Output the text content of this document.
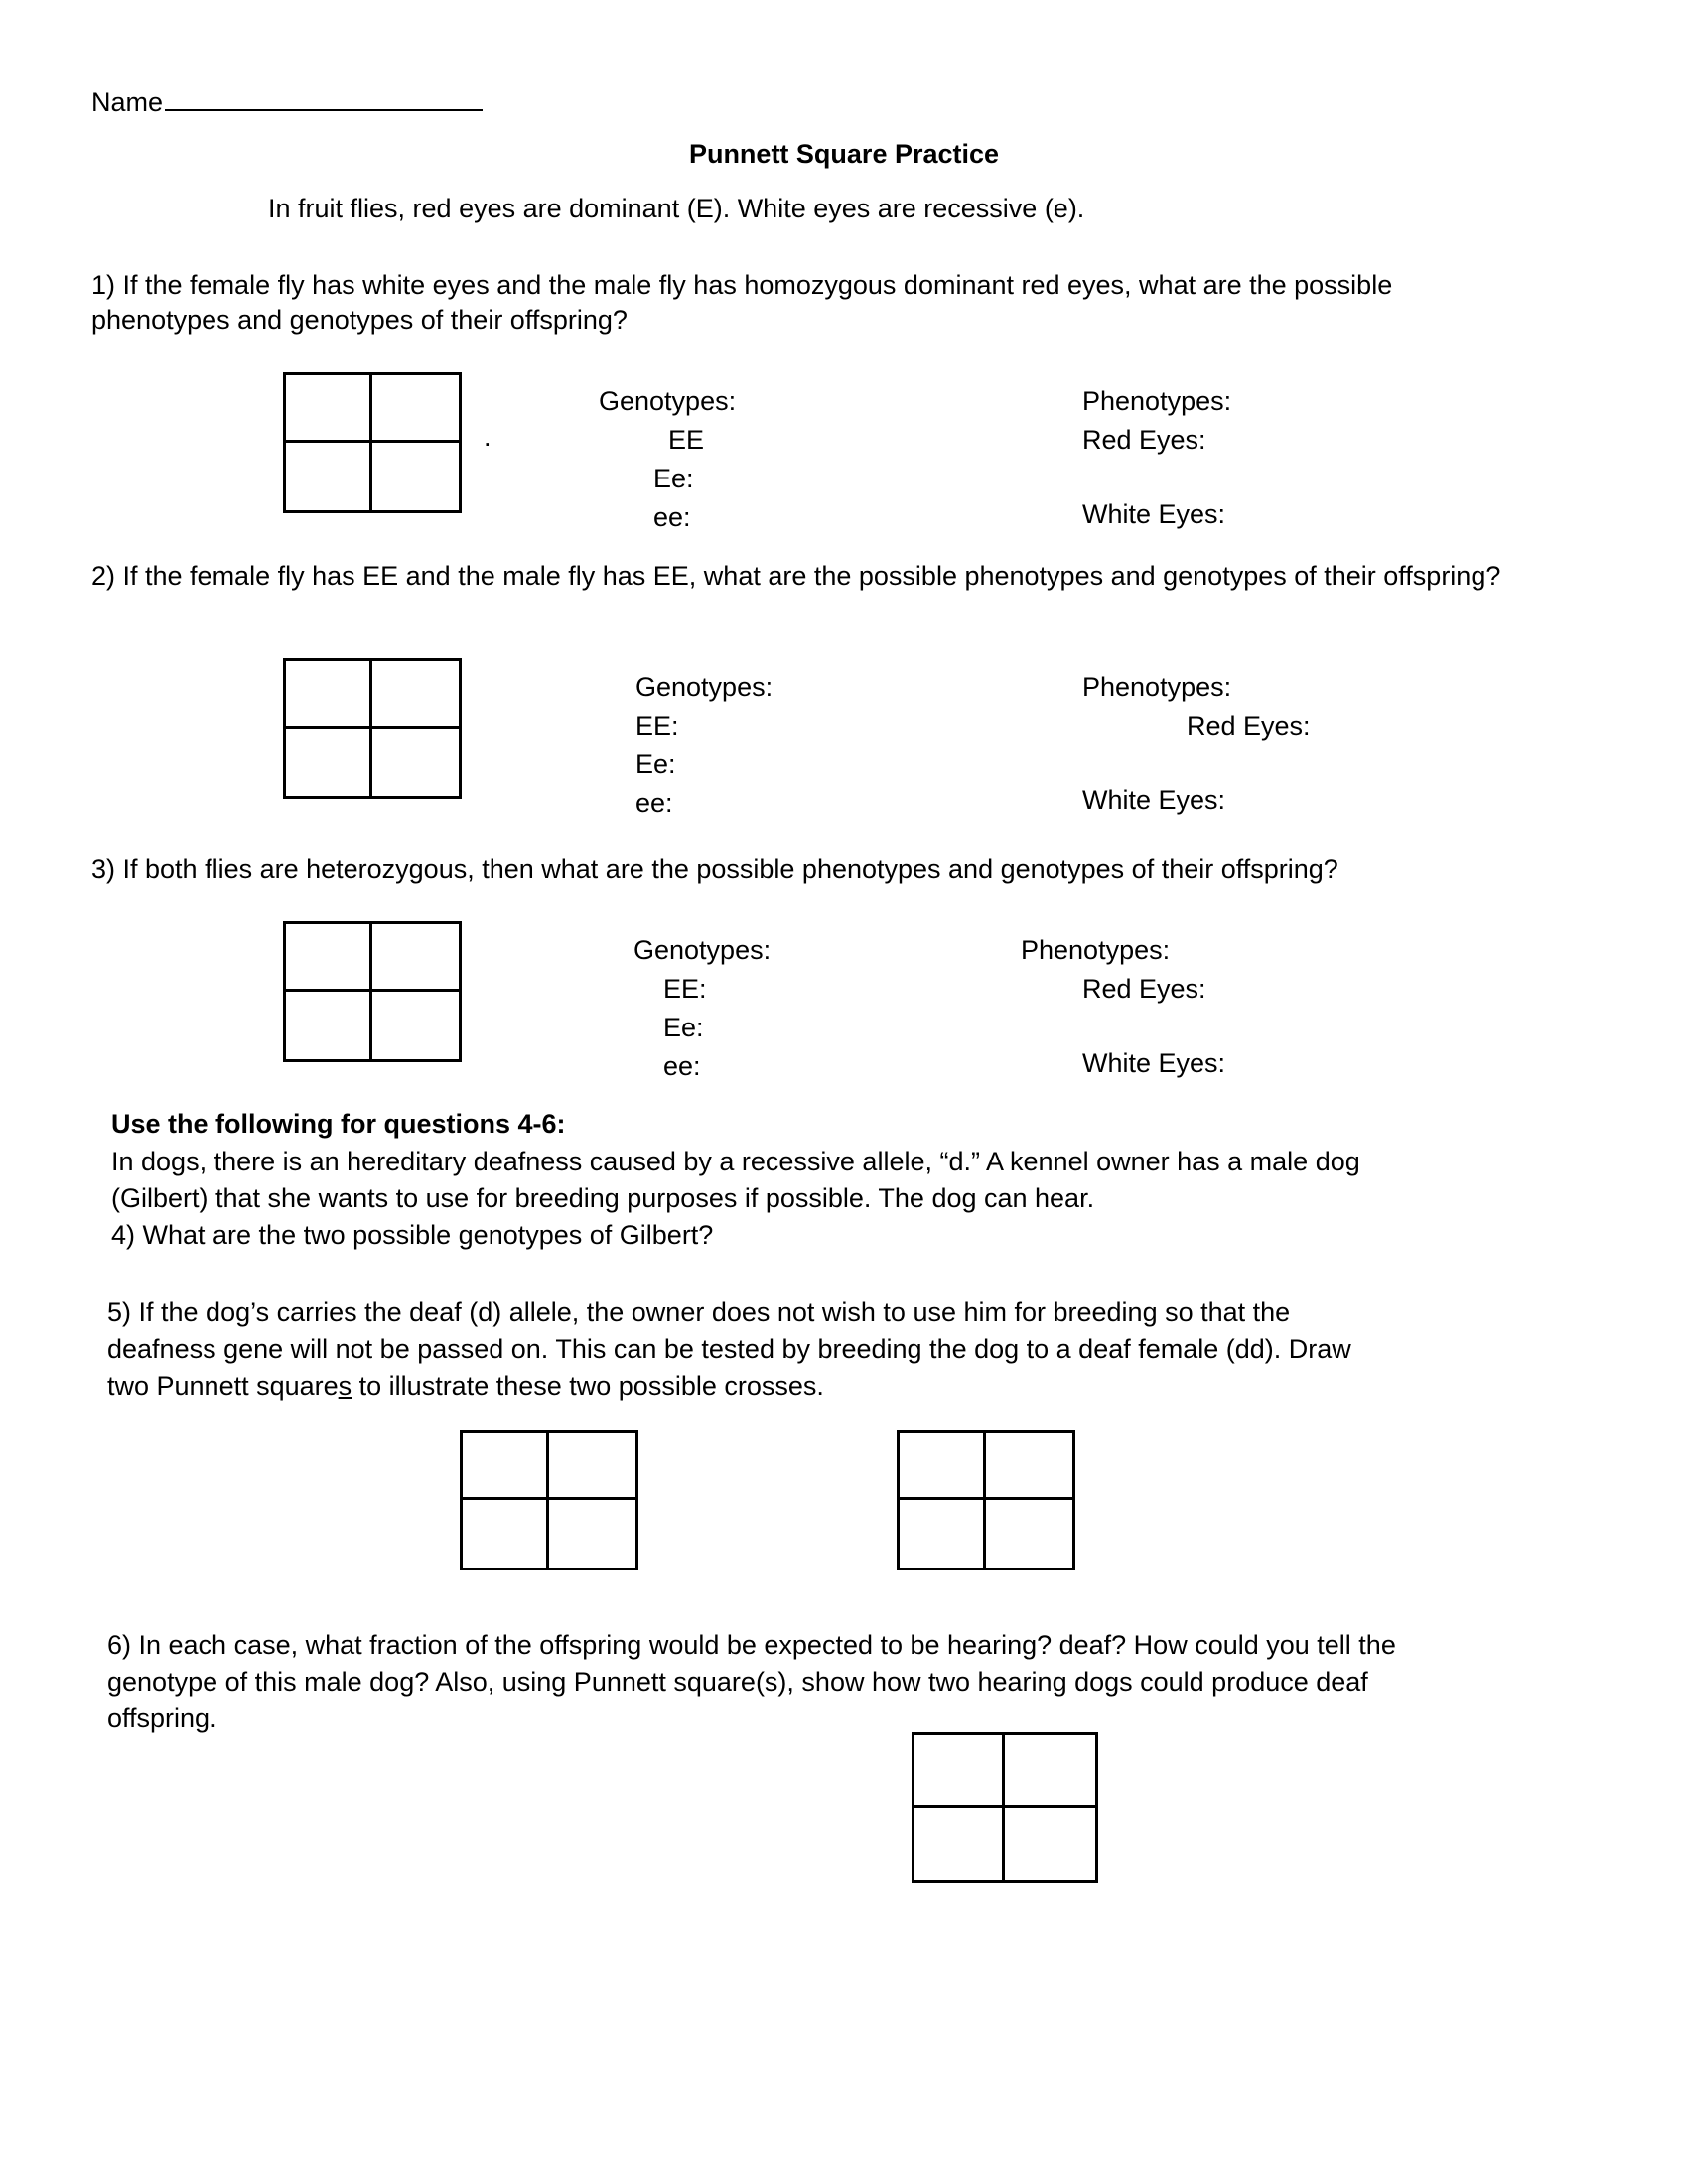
Name
Punnett Square Practice
In fruit flies, red eyes are dominant (E). White eyes are recessive (e).
1) If the female fly has white eyes and the male fly has homozygous dominant red eyes, what are the possible phenotypes and genotypes of their offspring?
.
Genotypes:
EE
Ee:
ee:
Phenotypes:
Red Eyes:
White Eyes:
2) If the female fly has EE and the male fly has EE, what are the possible phenotypes and genotypes of their offspring?
Genotypes:
EE:
Ee:
ee:
Phenotypes:
Red Eyes:
White Eyes:
3) If both flies are heterozygous, then what are the possible phenotypes and genotypes of their offspring?
Genotypes:
EE:
Ee:
ee:
Phenotypes:
Red Eyes:
White Eyes:
Use the following for questions 4-6:
In dogs, there is an hereditary deafness caused by a recessive allele, “d.” A kennel owner has a male dog
(Gilbert) that she wants to use for breeding purposes if possible. The dog can hear.
4) What are the two possible genotypes of Gilbert?
5) If the dog’s carries the deaf (d) allele, the owner does not wish to use him for breeding so that the
deafness gene will not be passed on. This can be tested by breeding the dog to a deaf female (dd). Draw
two Punnett squares to illustrate these two possible crosses.
6) In each case, what fraction of the offspring would be expected to be hearing? deaf? How could you tell the
genotype of this male dog? Also, using Punnett square(s), show how two hearing dogs could produce deaf
offspring.
